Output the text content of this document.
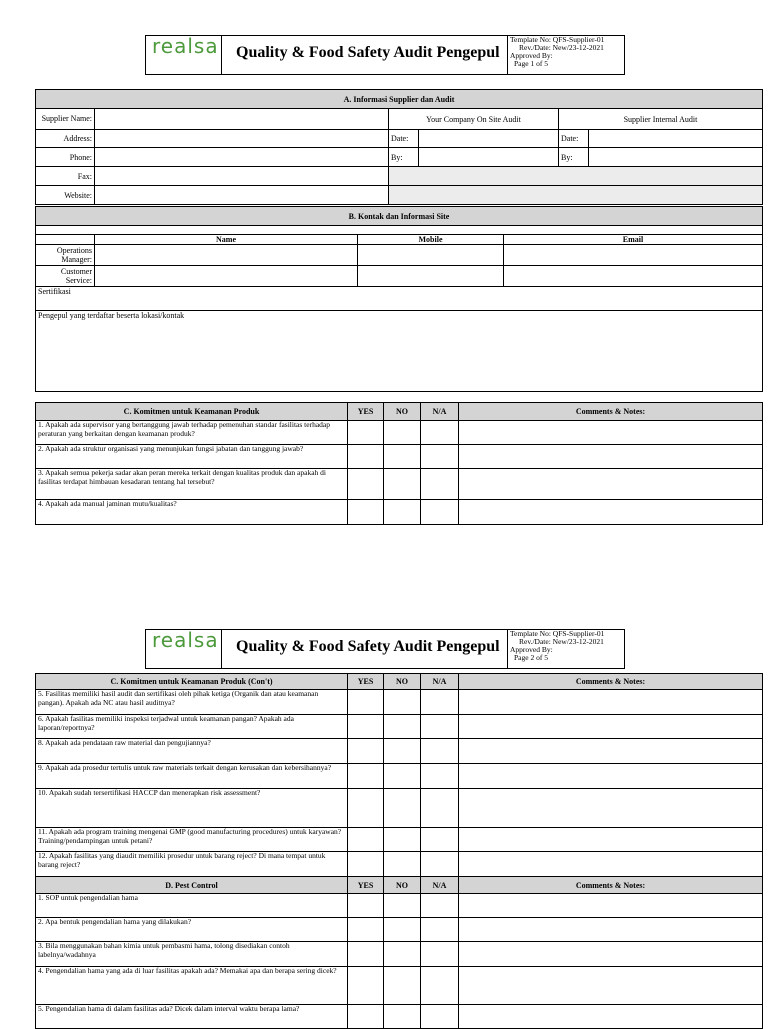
realsa Quality & Food Safety Audit Pengepul
Template No: QFS-Supplier-01
Rev./Date: New/23-12-2021
Approved By:
Page 1 of 5
A. Informasi Supplier dan Audit					
Supplier Name:		Your Company On Site Audit		Supplier Internal Audit	
Address:		Date:		Date:	
Phone:		By:		By:	
Fax:					
Website:					
B. Kontak dan Informasi Site			

	Name	Mobile	Email
Operations Manager:			
Customer Service:			
Sertifikasi			
Pengepul yang terdaftar beserta lokasi/kontak			
C. Komitmen untuk Keamanan Produk	YES	NO	N/A	Comments & Notes:
1. Apakah ada supervisor yang bertanggung jawab terhadap pemenuhan standar fasilitas terhadap peraturan yang berkaitan dengan keamanan produk?				
2. Apakah ada struktur organisasi yang menunjukan fungsi jabatan dan tanggung jawab?				
3. Apakah semua pekerja sadar akan peran mereka terkait dengan kualitas produk dan apakah di fasilitas terdapat himbauan kesadaran tentang hal tersebut?				
4. Apakah ada manual jaminan mutu/kualitas?				
realsa Quality & Food Safety Audit Pengepul
Template No: QFS-Supplier-01
Rev./Date: New/23-12-2021
Approved By:
Page 2 of 5
C. Komitmen untuk Keamanan Produk (Con't)	YES	NO	N/A	Comments & Notes:
5. Fasilitas memiliki hasil audit dan sertifikasi oleh pihak ketiga (Organik dan atau keamanan pangan). Apakah ada NC atau hasil auditnya?				
6. Apakah fasilitas memiliki inspeksi terjadwal untuk keamanan pangan? Apakah ada laporan/reportnya?				
8. Apakah ada pendataan raw material dan pengujiannya?				
9. Apakah ada prosedur tertulis untuk raw materials terkait dengan kerusakan dan kebersihannya?				
10. Apakah sudah tersertifikasi HACCP dan menerapkan risk assessment?				
11. Apakah ada program training mengenai GMP (good manufacturing procedures) untuk karyawan? Training/pendampingan untuk petani?				
12. Apakah fasilitas yang diaudit memiliki prosedur untuk barang reject? Di mana tempat untuk barang reject?				
D. Pest Control	YES	NO	N/A	Comments & Notes:
1. SOP untuk pengendalian hama				
2. Apa bentuk pengendalian hama yang dilakukan?				
3. Bila menggunakan bahan kimia untuk pembasmi hama, tolong disediakan contoh labelnya/wadahnya				
4. Pengendalian hama yang ada di luar fasilitas apakah ada? Memakai apa dan berapa sering dicek?				
5. Pengendalian hama di dalam fasilitas ada? Dicek dalam interval waktu berapa lama?				
